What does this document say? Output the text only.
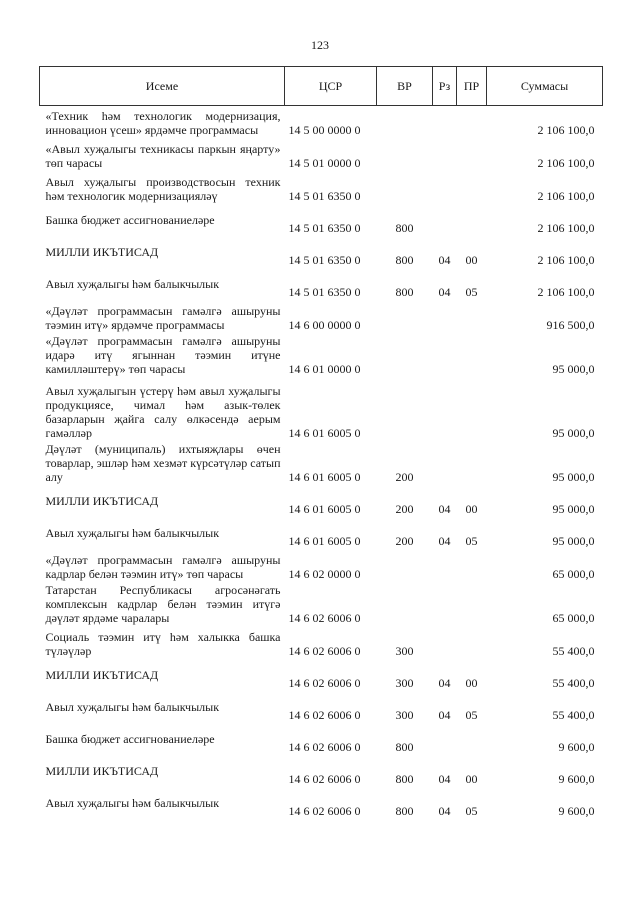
123
Исеме	ЦСР	ВР	Рз	ПР	Суммасы
«Техник һәм технологик модернизация, инновацион үсеш» ярдәмче программасы	14 5 00 0000 0				2 106 100,0
«Авыл хуҗалыгы техникасы паркын яңарту» төп чарасы	14 5 01 0000 0				2 106 100,0
Авыл хуҗалыгы производствосын техник һәм технологик модернизацияләү	14 5 01 6350 0				2 106 100,0
Башка бюджет ассигнованиеләре	14 5 01 6350 0	800			2 106 100,0
МИЛЛИ ИКЪТИСАД	14 5 01 6350 0	800	04	00	2 106 100,0
Авыл хуҗалыгы һәм балыкчылык	14 5 01 6350 0	800	04	05	2 106 100,0
«Дәүләт программасын гамәлгә ашыруны тәэмин итү» ярдәмче программасы	14 6 00 0000 0				916 500,0
«Дәүләт программасын гамәлгә ашыруны идарә итү ягыннан тәэмин итүне камилләштерү» төп чарасы	14 6 01 0000 0				95 000,0
Авыл хуҗалыгын үстерү һәм авыл хуҗалыгы продукциясе, чимал һәм азык-төлек базарларын җайга салу өлкәсендә аерым гамәлләр	14 6 01 6005 0				95 000,0
Дәүләт (муниципаль) ихтыяҗлары өчен товарлар, эшләр һәм хезмәт күрсәтүләр сатып алу	14 6 01 6005 0	200			95 000,0
МИЛЛИ ИКЪТИСАД	14 6 01 6005 0	200	04	00	95 000,0
Авыл хуҗалыгы һәм балыкчылык	14 6 01 6005 0	200	04	05	95 000,0
«Дәүләт программасын гамәлгә ашыруны кадрлар белән тәэмин итү» төп чарасы	14 6 02 0000 0				65 000,0
Татарстан Республикасы агросәнәгать комплексын кадрлар белән тәэмин итүгә дәүләт ярдәме чаралары	14 6 02 6006 0				65 000,0
Социаль тәэмин итү һәм халыкка башка түләүләр	14 6 02 6006 0	300			55 400,0
МИЛЛИ ИКЪТИСАД	14 6 02 6006 0	300	04	00	55 400,0
Авыл хуҗалыгы һәм балыкчылык	14 6 02 6006 0	300	04	05	55 400,0
Башка бюджет ассигнованиеләре	14 6 02 6006 0	800			9 600,0
МИЛЛИ ИКЪТИСАД	14 6 02 6006 0	800	04	00	9 600,0
Авыл хуҗалыгы һәм балыкчылык	14 6 02 6006 0	800	04	05	9 600,0
